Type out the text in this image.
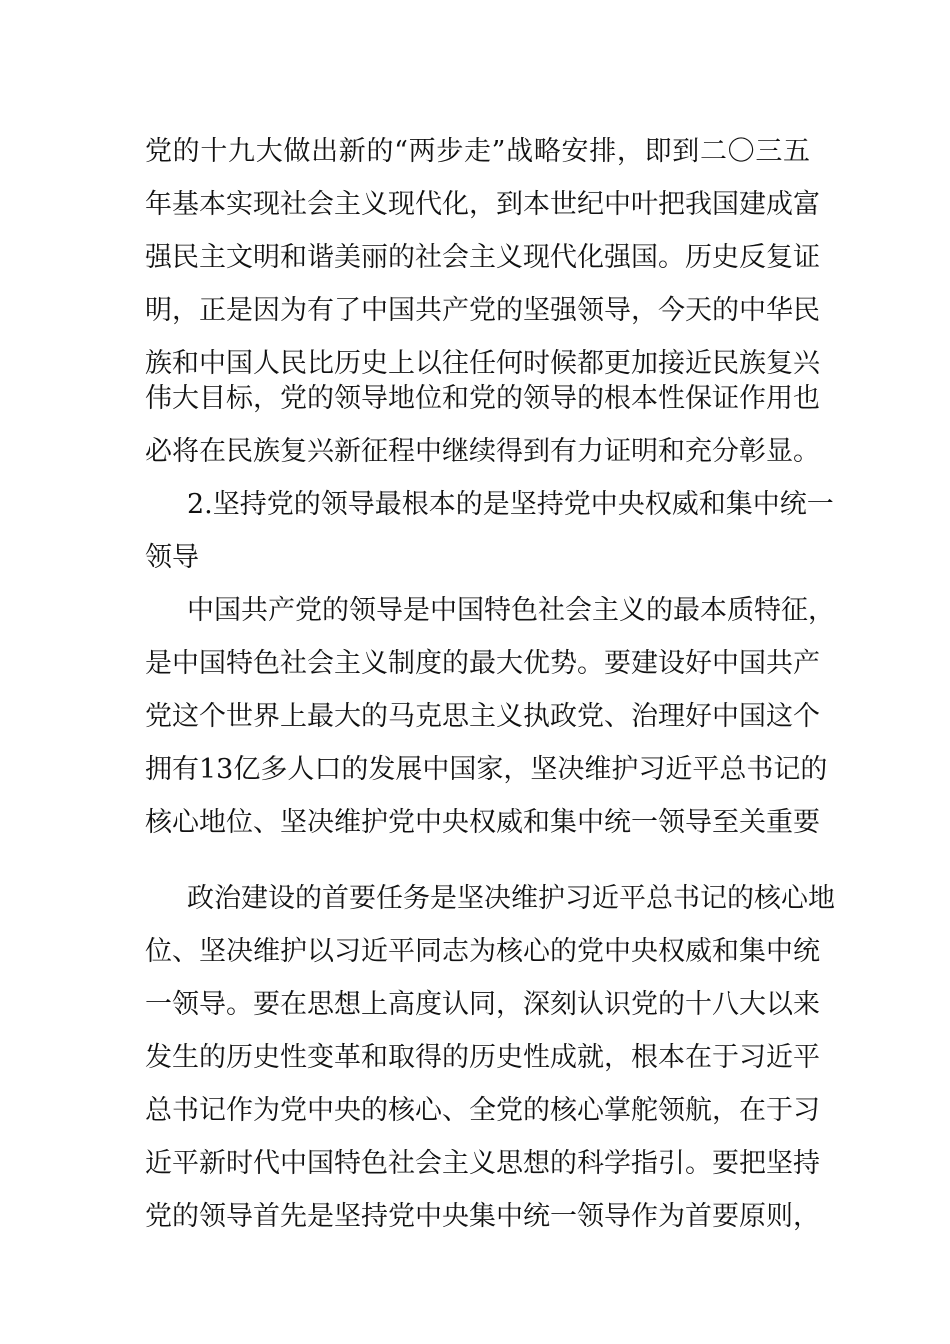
党的十九大做出新的“两步走”战略安排，即到二〇三五
年基本实现社会主义现代化，到本世纪中叶把我国建成富
强民主文明和谐美丽的社会主义现代化强国。历史反复证
明，正是因为有了中国共产党的坚强领导，今天的中华民
族和中国人民比历史上以往任何时候都更加接近民族复兴
伟大目标，党的领导地位和党的领导的根本性保证作用也
必将在民族复兴新征程中继续得到有力证明和充分彰显。
2.坚持党的领导最根本的是坚持党中央权威和集中统一
领导
中国共产党的领导是中国特色社会主义的最本质特征，
是中国特色社会主义制度的最大优势。要建设好中国共产
党这个世界上最大的马克思主义执政党、治理好中国这个
拥有13亿多人口的发展中国家，坚决维护习近平总书记的
核心地位、坚决维护党中央权威和集中统一领导至关重要
政治建设的首要任务是坚决维护习近平总书记的核心地
位、坚决维护以习近平同志为核心的党中央权威和集中统
一领导。要在思想上高度认同，深刻认识党的十八大以来
发生的历史性变革和取得的历史性成就，根本在于习近平
总书记作为党中央的核心、全党的核心掌舵领航，在于习
近平新时代中国特色社会主义思想的科学指引。要把坚持
党的领导首先是坚持党中央集中统一领导作为首要原则，
